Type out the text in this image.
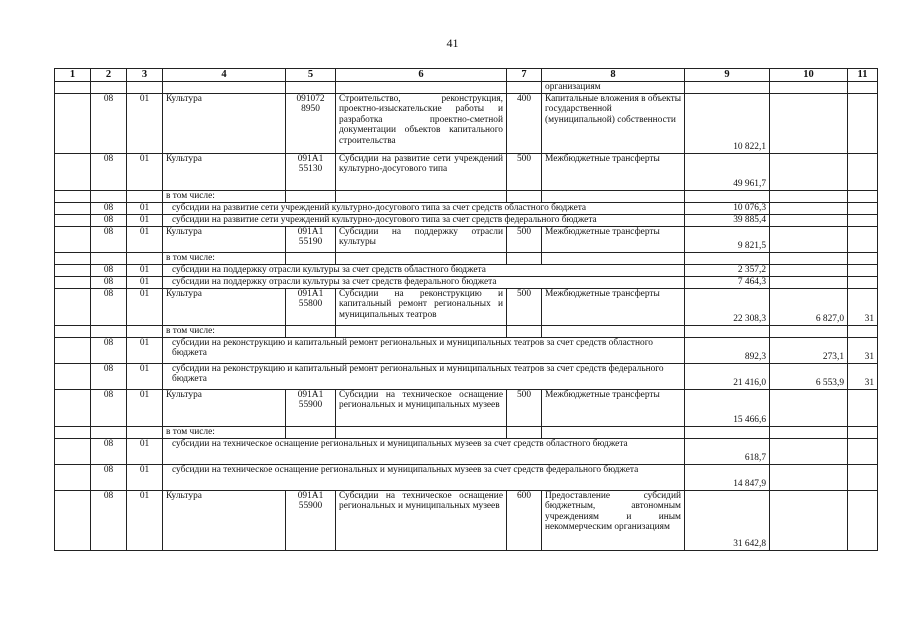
41
1	2	3	4	5	6	7	8	9	10	11
							организациям			
	08	01	Культура	091072 8950	Строительство, реконструкция, проектно-изыскательские работы и разработка проектно-сметной документации объектов капитального строительства	400	Капитальные вложения в объекты государственной (муниципальной) собственности	10 822,1		
	08	01	Культура	091A1 55130	Субсидии на развитие сети учреждений культурно-досугового типа	500	Межбюджетные трансферты	49 961,7		
			в том числе:							
	08	01	субсидии на развитие сети учреждений культурно-досугового типа за счет средств областного бюджета					10 076,3		
	08	01	субсидии на развитие сети учреждений культурно-досугового типа за счет средств федерального бюджета					39 885,4		
	08	01	Культура	091A1 55190	Субсидии на поддержку отрасли культуры	500	Межбюджетные трансферты	9 821,5		
			в том числе:							
	08	01	субсидии на поддержку отрасли культуры за счет средств областного бюджета					2 357,2		
	08	01	субсидии на поддержку отрасли культуры за счет средств федерального бюджета					7 464,3		
	08	01	Культура	091A1 55800	Субсидии на реконструкцию и капитальный ремонт региональных и муниципальных театров	500	Межбюджетные трансферты	22 308,3	6 827,0	31
			в том числе:							
	08	01	субсидии на реконструкцию и капитальный ремонт региональных и муниципальных театров за счет средств областного бюджета					892,3	273,1	31
	08	01	субсидии на реконструкцию и капитальный ремонт региональных и муниципальных театров за счет средств федерального бюджета					21 416,0	6 553,9	31
	08	01	Культура	091A1 55900	Субсидии на техническое оснащение региональных и муниципальных музеев	500	Межбюджетные трансферты	15 466,6		
			в том числе:							
	08	01	субсидии на техническое оснащение региональных и муниципальных музеев за счет средств областного бюджета					618,7		
	08	01	субсидии на техническое оснащение региональных и муниципальных музеев за счет средств федерального бюджета					14 847,9		
	08	01	Культура	091A1 55900	Субсидии на техническое оснащение региональных и муниципальных музеев	600	Предоставление субсидий бюджетным, автономным учреждениям и иным некоммерческим организациям	31 642,8		
